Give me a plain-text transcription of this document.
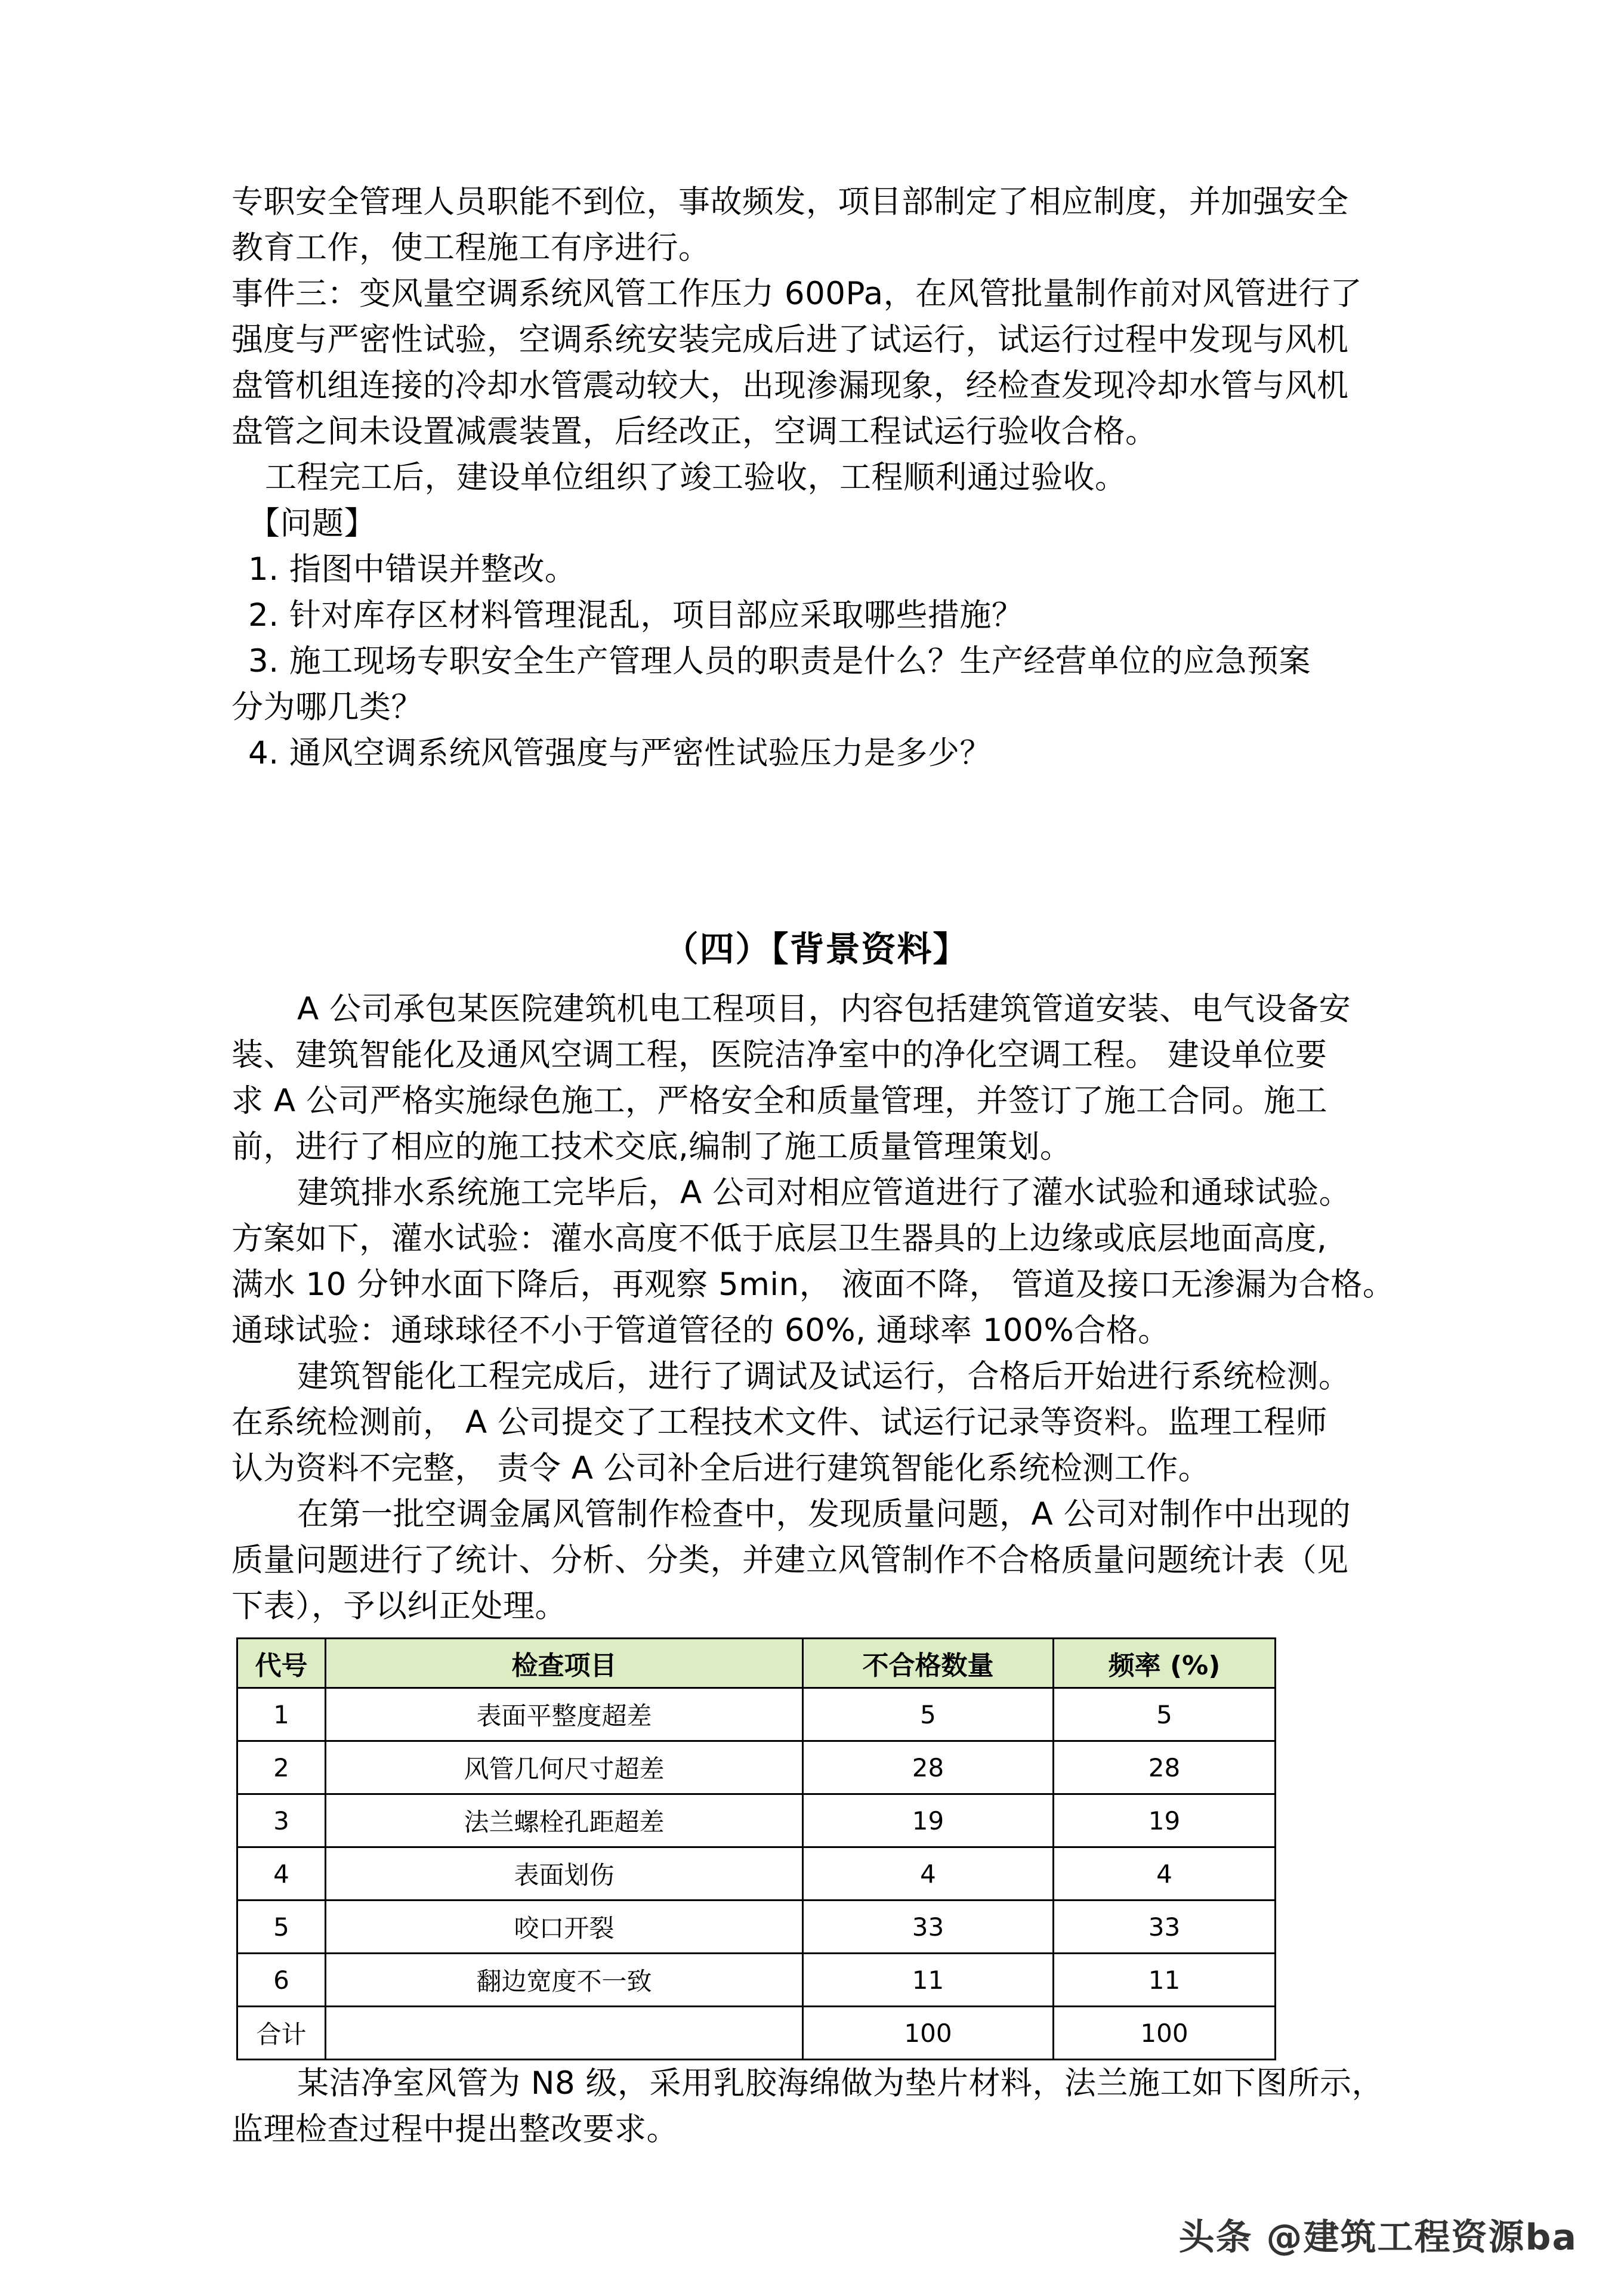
专职安全管理人员职能不到位，事故频发，项目部制定了相应制度，并加强安全
教育工作，使工程施工有序进行。
事件三：变风量空调系统风管工作压力 600Pa，在风管批量制作前对风管进行了
强度与严密性试验，空调系统安装完成后进了试运行，试运行过程中发现与风机
盘管机组连接的冷却水管震动较大，出现渗漏现象，经检查发现冷却水管与风机
盘管之间未设置减震装置，后经改正，空调工程试运行验收合格。
工程完工后，建设单位组织了竣工验收，工程顺利通过验收。
【问题】
1. 指图中错误并整改。
2. 针对库存区材料管理混乱，项目部应采取哪些措施？
3. 施工现场专职安全生产管理人员的职责是什么？生产经营单位的应急预案
分为哪几类？
4. 通风空调系统风管强度与严密性试验压力是多少？
（四）【背景资料】
A 公司承包某医院建筑机电工程项目，内容包括建筑管道安装、电气设备安
装、建筑智能化及通风空调工程，医院洁净室中的净化空调工程。 建设单位要
求 A 公司严格实施绿色施工，严格安全和质量管理，并签订了施工合同。施工
前，进行了相应的施工技术交底,编制了施工质量管理策划。
建筑排水系统施工完毕后，A 公司对相应管道进行了灌水试验和通球试验。
方案如下，灌水试验：灌水高度不低于底层卫生器具的上边缘或底层地面高度,
满水 10 分钟水面下降后，再观察 5min， 液面不降， 管道及接口无渗漏为合格。
通球试验：通球球径不小于管道管径的 60%, 通球率 100%合格。
建筑智能化工程完成后，进行了调试及试运行，合格后开始进行系统检测。
在系统检测前， A 公司提交了工程技术文件、试运行记录等资料。监理工程师
认为资料不完整， 责令 A 公司补全后进行建筑智能化系统检测工作。
在第一批空调金属风管制作检查中，发现质量问题，A 公司对制作中出现的
质量问题进行了统计、分析、分类，并建立风管制作不合格质量问题统计表（见
下表），予以纠正处理。
代号	检查项目	不合格数量	频率 (%)
1	表面平整度超差	5	5
2	风管几何尺寸超差	28	28
3	法兰螺栓孔距超差	19	19
4	表面划伤	4	4
5	咬口开裂	33	33
6	翻边宽度不一致	11	11
合计		100	100
某洁净室风管为 N8 级，采用乳胶海绵做为垫片材料，法兰施工如下图所示，
监理检查过程中提出整改要求。
头条 @建筑工程资源ba
